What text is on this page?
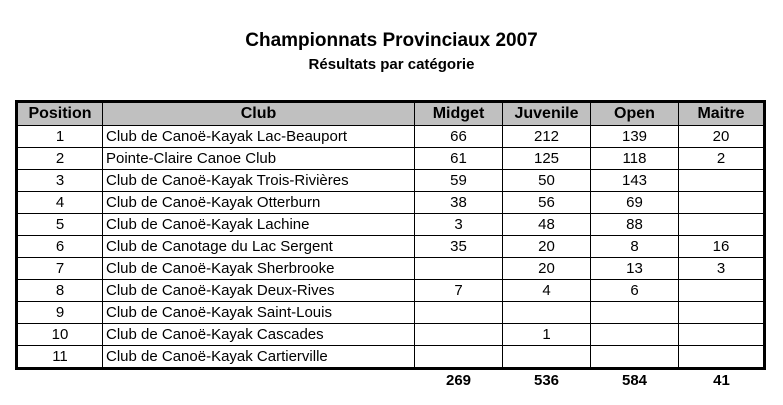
Championnats Provinciaux 2007
Résultats par catégorie
Position	Club	Midget	Juvenile	Open	Maitre
1	Club de Canoë-Kayak Lac-Beauport	66	212	139	20
2	Pointe-Claire Canoe Club	61	125	118	2
3	Club de Canoë-Kayak Trois-Rivières	59	50	143	
4	Club de Canoë-Kayak Otterburn	38	56	69	
5	Club de Canoë-Kayak Lachine	3	48	88	
6	Club de Canotage du Lac Sergent	35	20	8	16
7	Club de Canoë-Kayak Sherbrooke		20	13	3
8	Club de Canoë-Kayak Deux-Rives	7	4	6	
9	Club de Canoë-Kayak Saint-Louis				
10	Club de Canoë-Kayak Cascades		1		
11	Club de Canoë-Kayak Cartierville				
		269	536	584	41
